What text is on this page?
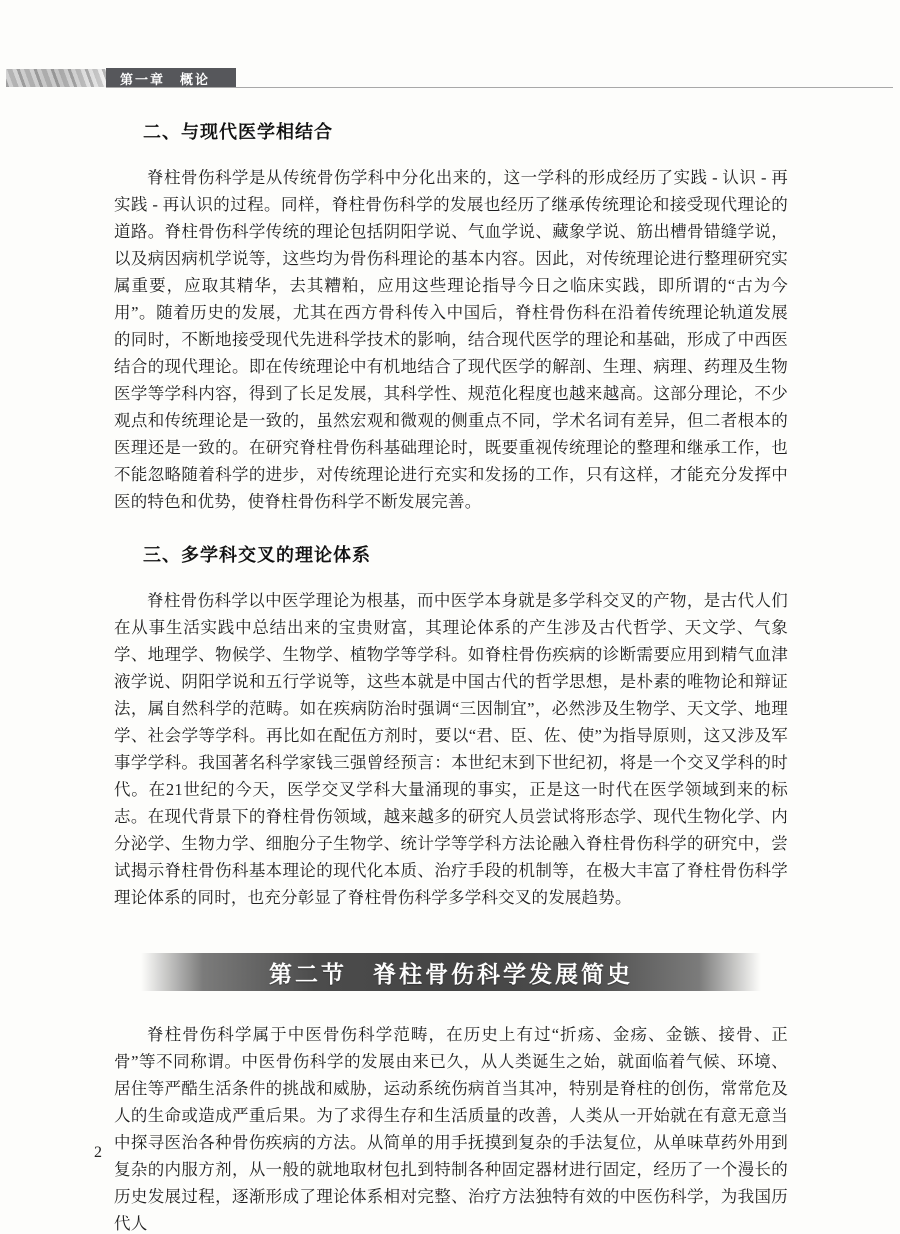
第一章　概论
二、与现代医学相结合

脊柱骨伤科学是从传统骨伤学科中分化出来的，这一学科的形成经历了实践 - 认识 - 再实践 - 再认识的过程。同样，脊柱骨伤科学的发展也经历了继承传统理论和接受现代理论的道路。脊柱骨伤科学传统的理论包括阴阳学说、气血学说、藏象学说、筋出槽骨错缝学说，以及病因病机学说等，这些均为骨伤科理论的基本内容。因此，对传统理论进行整理研究实属重要，应取其精华，去其糟粕，应用这些理论指导今日之临床实践，即所谓的“古为今用”。随着历史的发展，尤其在西方骨科传入中国后，脊柱骨伤科在沿着传统理论轨道发展的同时，不断地接受现代先进科学技术的影响，结合现代医学的理论和基础，形成了中西医结合的现代理论。即在传统理论中有机地结合了现代医学的解剖、生理、病理、药理及生物医学等学科内容，得到了长足发展，其科学性、规范化程度也越来越高。这部分理论，不少观点和传统理论是一致的，虽然宏观和微观的侧重点不同，学术名词有差异，但二者根本的医理还是一致的。在研究脊柱骨伤科基础理论时，既要重视传统理论的整理和继承工作，也不能忽略随着科学的进步，对传统理论进行充实和发扬的工作，只有这样，才能充分发挥中医的特色和优势，使脊柱骨伤科学不断发展完善。

三、多学科交叉的理论体系

脊柱骨伤科学以中医学理论为根基，而中医学本身就是多学科交叉的产物，是古代人们在从事生活实践中总结出来的宝贵财富，其理论体系的产生涉及古代哲学、天文学、气象学、地理学、物候学、生物学、植物学等学科。如脊柱骨伤疾病的诊断需要应用到精气血津液学说、阴阳学说和五行学说等，这些本就是中国古代的哲学思想，是朴素的唯物论和辩证法，属自然科学的范畴。如在疾病防治时强调“三因制宜”，必然涉及生物学、天文学、地理学、社会学等学科。再比如在配伍方剂时，要以“君、臣、佐、使”为指导原则，这又涉及军事学学科。我国著名科学家钱三强曾经预言：本世纪末到下世纪初，将是一个交叉学科的时代。在21世纪的今天，医学交叉学科大量涌现的事实，正是这一时代在医学领域到来的标志。在现代背景下的脊柱骨伤领域，越来越多的研究人员尝试将形态学、现代生物化学、内分泌学、生物力学、细胞分子生物学、统计学等学科方法论融入脊柱骨伤科学的研究中，尝试揭示脊柱骨伤科基本理论的现代化本质、治疗手段的机制等，在极大丰富了脊柱骨伤科学理论体系的同时，也充分彰显了脊柱骨伤科学多学科交叉的发展趋势。

第二节　脊柱骨伤科学发展简史

脊柱骨伤科学属于中医骨伤科学范畴，在历史上有过“折疡、金疡、金镞、接骨、正骨”等不同称谓。中医骨伤科学的发展由来已久，从人类诞生之始，就面临着气候、环境、居住等严酷生活条件的挑战和威胁，运动系统伤病首当其冲，特别是脊柱的创伤，常常危及人的生命或造成严重后果。为了求得生存和生活质量的改善，人类从一开始就在有意无意当中探寻医治各种骨伤疾病的方法。从简单的用手抚摸到复杂的手法复位，从单味草药外用到复杂的内服方剂，从一般的就地取材包扎到特制各种固定器材进行固定，经历了一个漫长的历史发展过程，逐渐形成了理论体系相对完整、治疗方法独特有效的中医伤科学，为我国历代人

2
